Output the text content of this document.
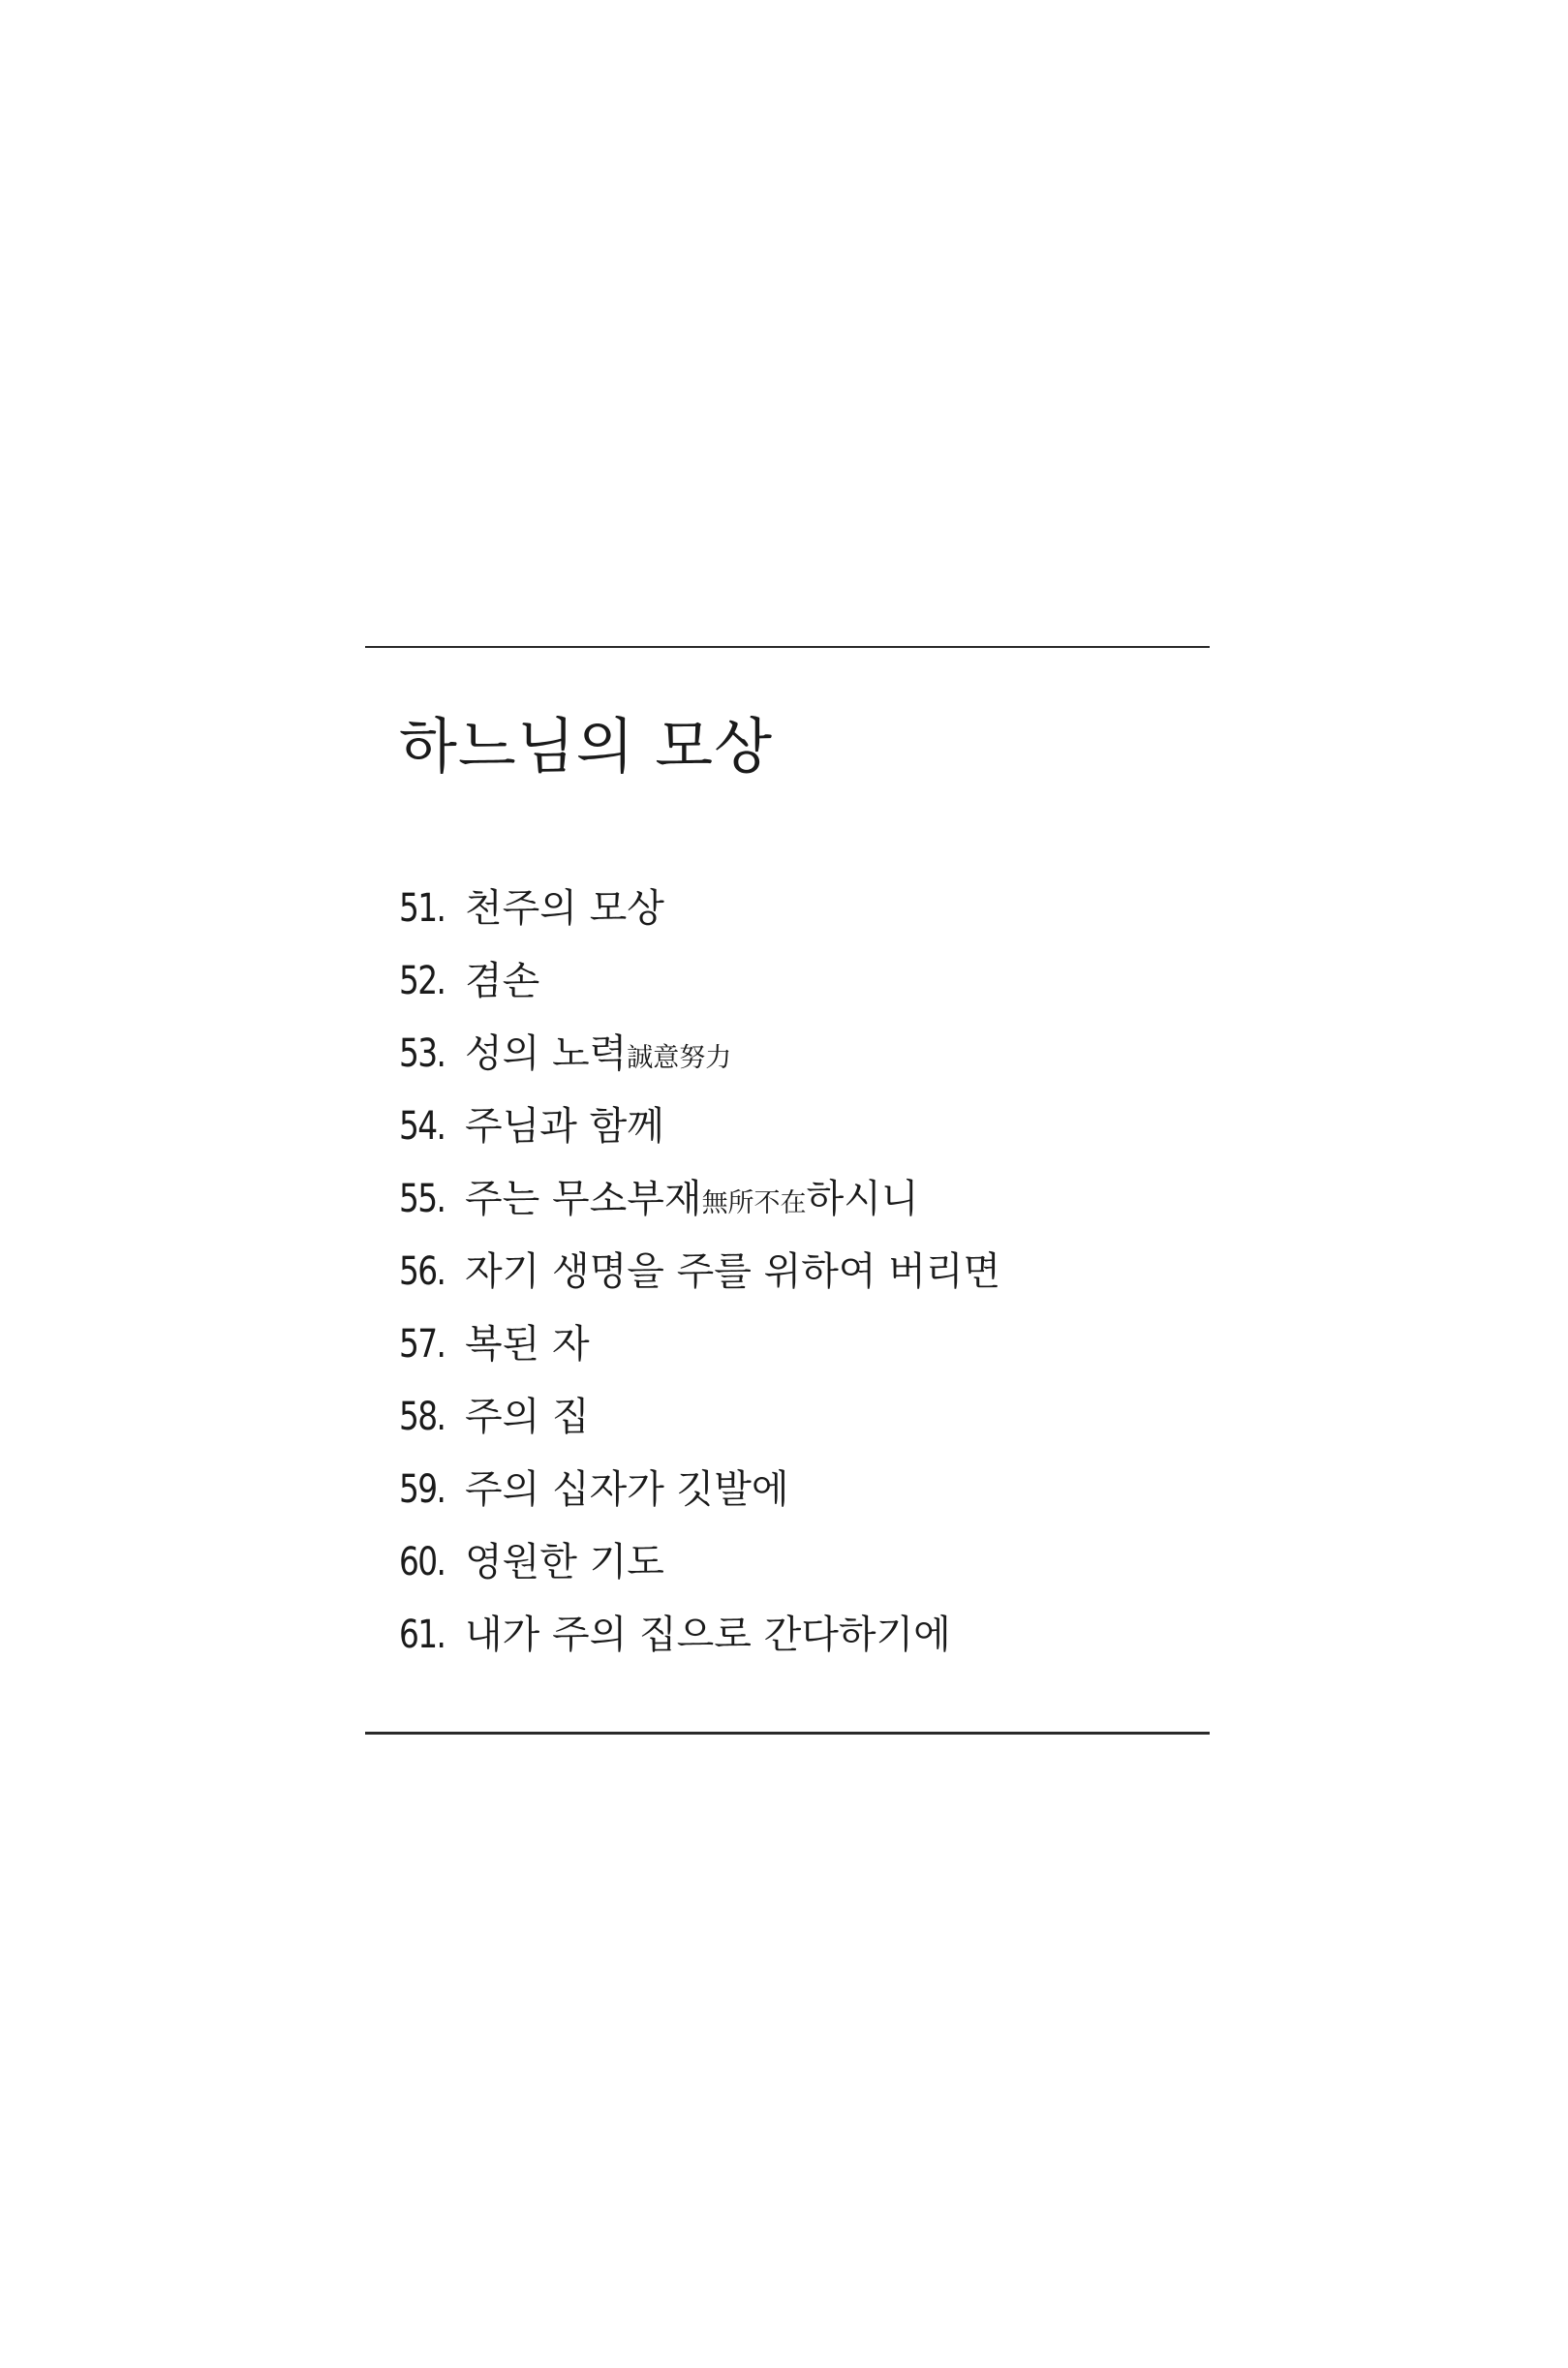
하느님의 모상
51. 천주의 모상
52. 겸손
53. 성의 노력誠意努力
54. 주님과 함께
55. 주는 무소부재無所不在하시니
56. 자기 생명을 주를 위하여 버리면
57. 복된 자
58. 주의 집
59. 주의 십자가 깃발에
60. 영원한 기도
61. 내가 주의 집으로 간다하기에
